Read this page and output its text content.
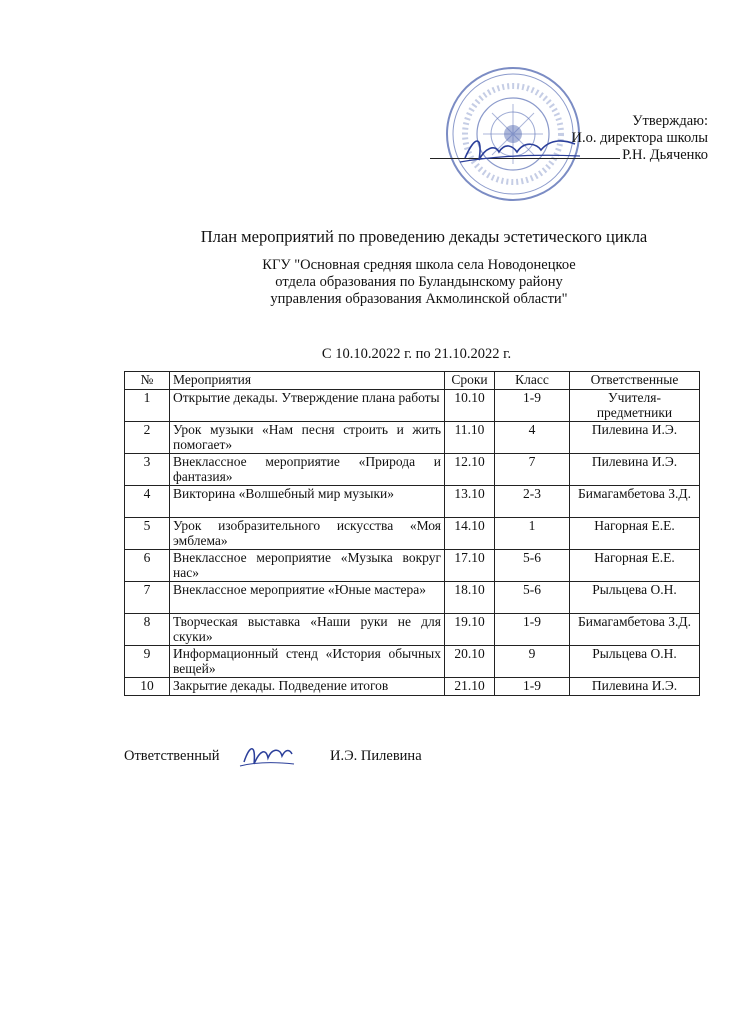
Утверждаю:
И.о. директора школы
Р.Н. Дьяченко
План мероприятий по проведению декады эстетического цикла
КГУ "Основная средняя школа села Новодонецкое
отдела образования по Буландынскому району
управления образования Акмолинской области"
С 10.10.2022 г. по 21.10.2022 г.
№	Мероприятия	Сроки	Класс	Ответственные
1	Открытие декады. Утверждение плана работы	10.10	1-9	Учителя-предметники
2	Урок музыки «Нам песня строить и жить помогает»	11.10	4	Пилевина И.Э.
3	Внеклассное мероприятие «Природа и фантазия»	12.10	7	Пилевина И.Э.
4	Викторина «Волшебный мир музыки»	13.10	2-3	Бимагамбетова З.Д.
5	Урок изобразительного искусства «Моя эмблема»	14.10	1	Нагорная Е.Е.
6	Внеклассное мероприятие «Музыка вокруг нас»	17.10	5-6	Нагорная Е.Е.
7	Внеклассное мероприятие «Юные мастера»	18.10	5-6	Рыльцева О.Н.
8	Творческая выставка «Наши руки не для скуки»	19.10	1-9	Бимагамбетова З.Д.
9	Информационный стенд «История обычных вещей»	20.10	9	Рыльцева О.Н.
10	Закрытие декады. Подведение итогов	21.10	1-9	Пилевина И.Э.
Ответственный	И.Э. Пилевина
